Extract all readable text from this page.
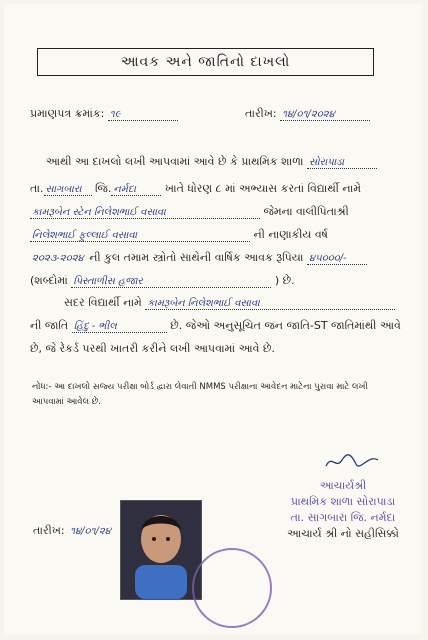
આવક અને જાતિનો દાખલો
પ્રમાણપત્ર ક્રમાંક: ૧૯	તારીખ: ૧૪/૦૧/૨૦૨૪
આથી આ દાખલો લખી આપવામાં આવે છે કે પ્રાથમિક શાળા સોરાપાડા
તા. સાગબારા જિ. નર્મદા	ખાતે ધોરણ ૮ માં અભ્યાસ કરતાં વિદ્યાર્થી નામે
કામરૂબેન સ્ટેન નિલેશભાઈ વસાવા	જેમના વાલીપિતાશ્રી
નિલેશભાઈ ફુલ્લાઈ વસાવા	ની નાણાકીય વર્ષ
૨૦૨૩-૨૦૨૪ ની કુલ તમામ સ્ત્રોતો સાથેની વાર્ષિક આવક રૂપિયા ૪૫૦૦૦/-
(શબ્દોમાં પિસ્તાળીસ હજાર	) છે.
સદર વિદ્યાર્થી નામે કામરૂબેન નિલેશભાઈ વસાવા
ની જાતિ હિંદુ - ભીલ	છે. જેઓ અનુસૂચિત જન જાતિ-ST જાતિમાંથી આવે
છે, જે રેકર્ડ પરથી ખાતરી કરીને લખી આપવામાં આવે છે.
નોંધ:- આ દાખલો સજ્ય પરીક્ષા બોર્ડ દ્વારા લેવાતી NMMS પરીક્ષાના આવેદન માટેના પુરાવા માટે લખી આપવામાં આવેલ છે.
આચાર્યશ્રી
પ્રાથમિક શાળા સોરાપાડા
તા. સાગબારા જિ. નર્મદા
આચાર્ય શ્રી નો સહીસિક્કો
તારીખ: ૧૪/૦૧/૨૪
